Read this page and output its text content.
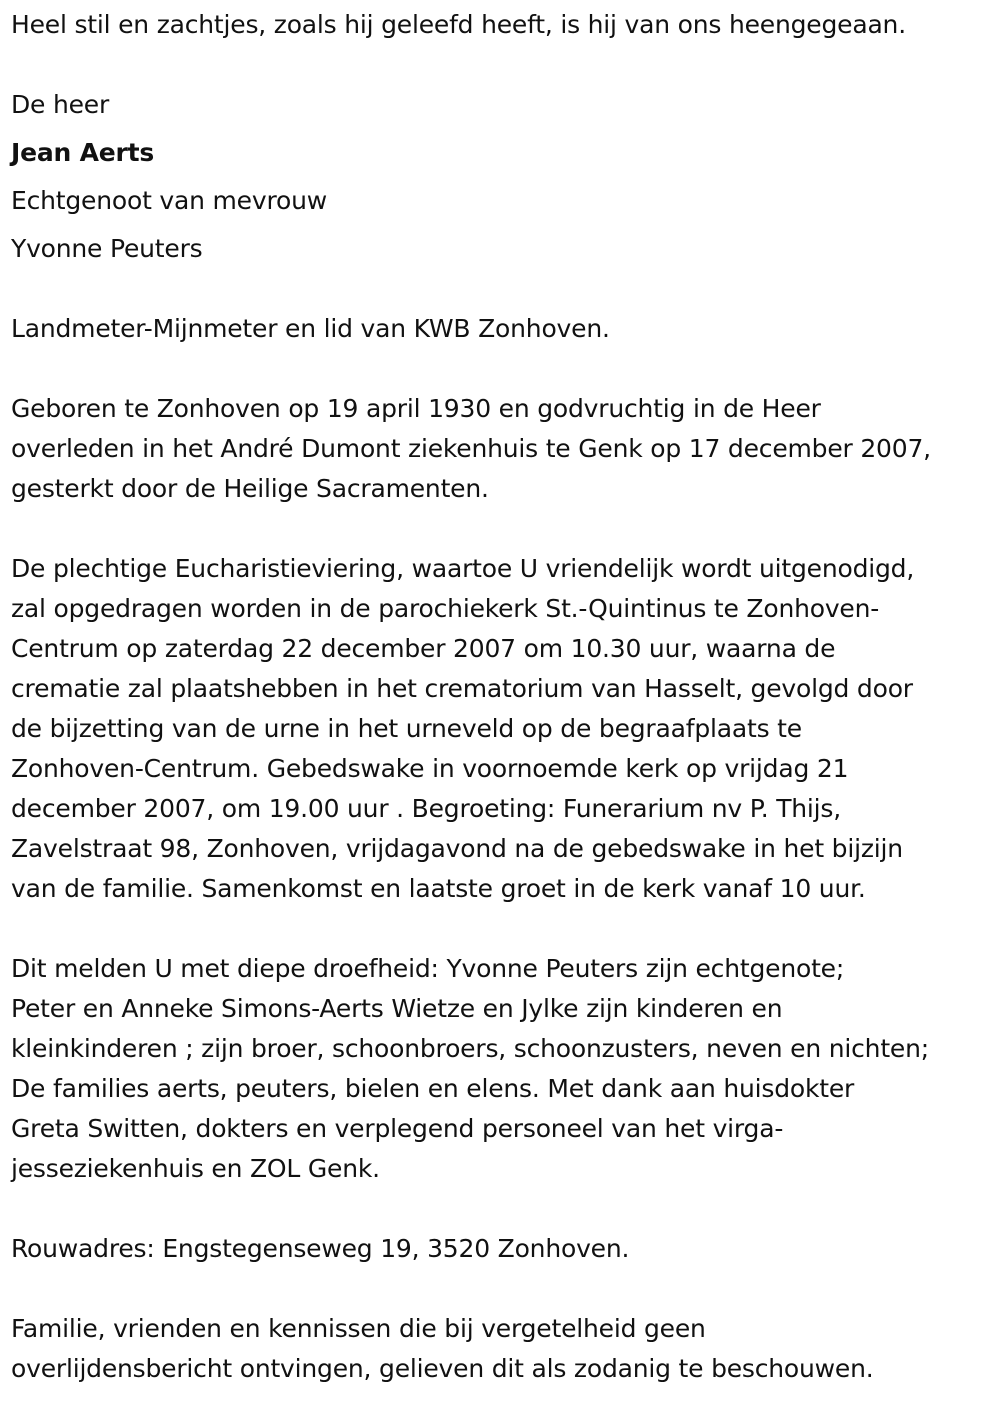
Heel stil en zachtjes, zoals hij geleefd heeft, is hij van ons heengegeaan.
De heer
Jean Aerts
Echtgenoot van mevrouw
Yvonne Peuters
Landmeter-Mijnmeter en lid van KWB Zonhoven.
Geboren te Zonhoven op 19 april 1930 en godvruchtig in de Heer
overleden in het André Dumont ziekenhuis te Genk op 17 december 2007,
gesterkt door de Heilige Sacramenten.
De plechtige Eucharistieviering, waartoe U vriendelijk wordt uitgenodigd,
zal opgedragen worden in de parochiekerk St.-Quintinus te Zonhoven-
Centrum op zaterdag 22 december 2007 om 10.30 uur, waarna de
crematie zal plaatshebben in het crematorium van Hasselt, gevolgd door
de bijzetting van de urne in het urneveld op de begraafplaats te
Zonhoven-Centrum. Gebedswake in voornoemde kerk op vrijdag 21
december 2007, om 19.00 uur . Begroeting: Funerarium nv P. Thijs,
Zavelstraat 98, Zonhoven, vrijdagavond na de gebedswake in het bijzijn
van de familie. Samenkomst en laatste groet in de kerk vanaf 10 uur.
Dit melden U met diepe droefheid: Yvonne Peuters zijn echtgenote;
Peter en Anneke Simons-Aerts Wietze en Jylke zijn kinderen en
kleinkinderen ; zijn broer, schoonbroers, schoonzusters, neven en nichten;
De families aerts, peuters, bielen en elens. Met dank aan huisdokter
Greta Switten, dokters en verplegend personeel van het virga-
jesseziekenhuis en ZOL Genk.
Rouwadres: Engstegenseweg 19, 3520 Zonhoven.
Familie, vrienden en kennissen die bij vergetelheid geen
overlijdensbericht ontvingen, gelieven dit als zodanig te beschouwen.
